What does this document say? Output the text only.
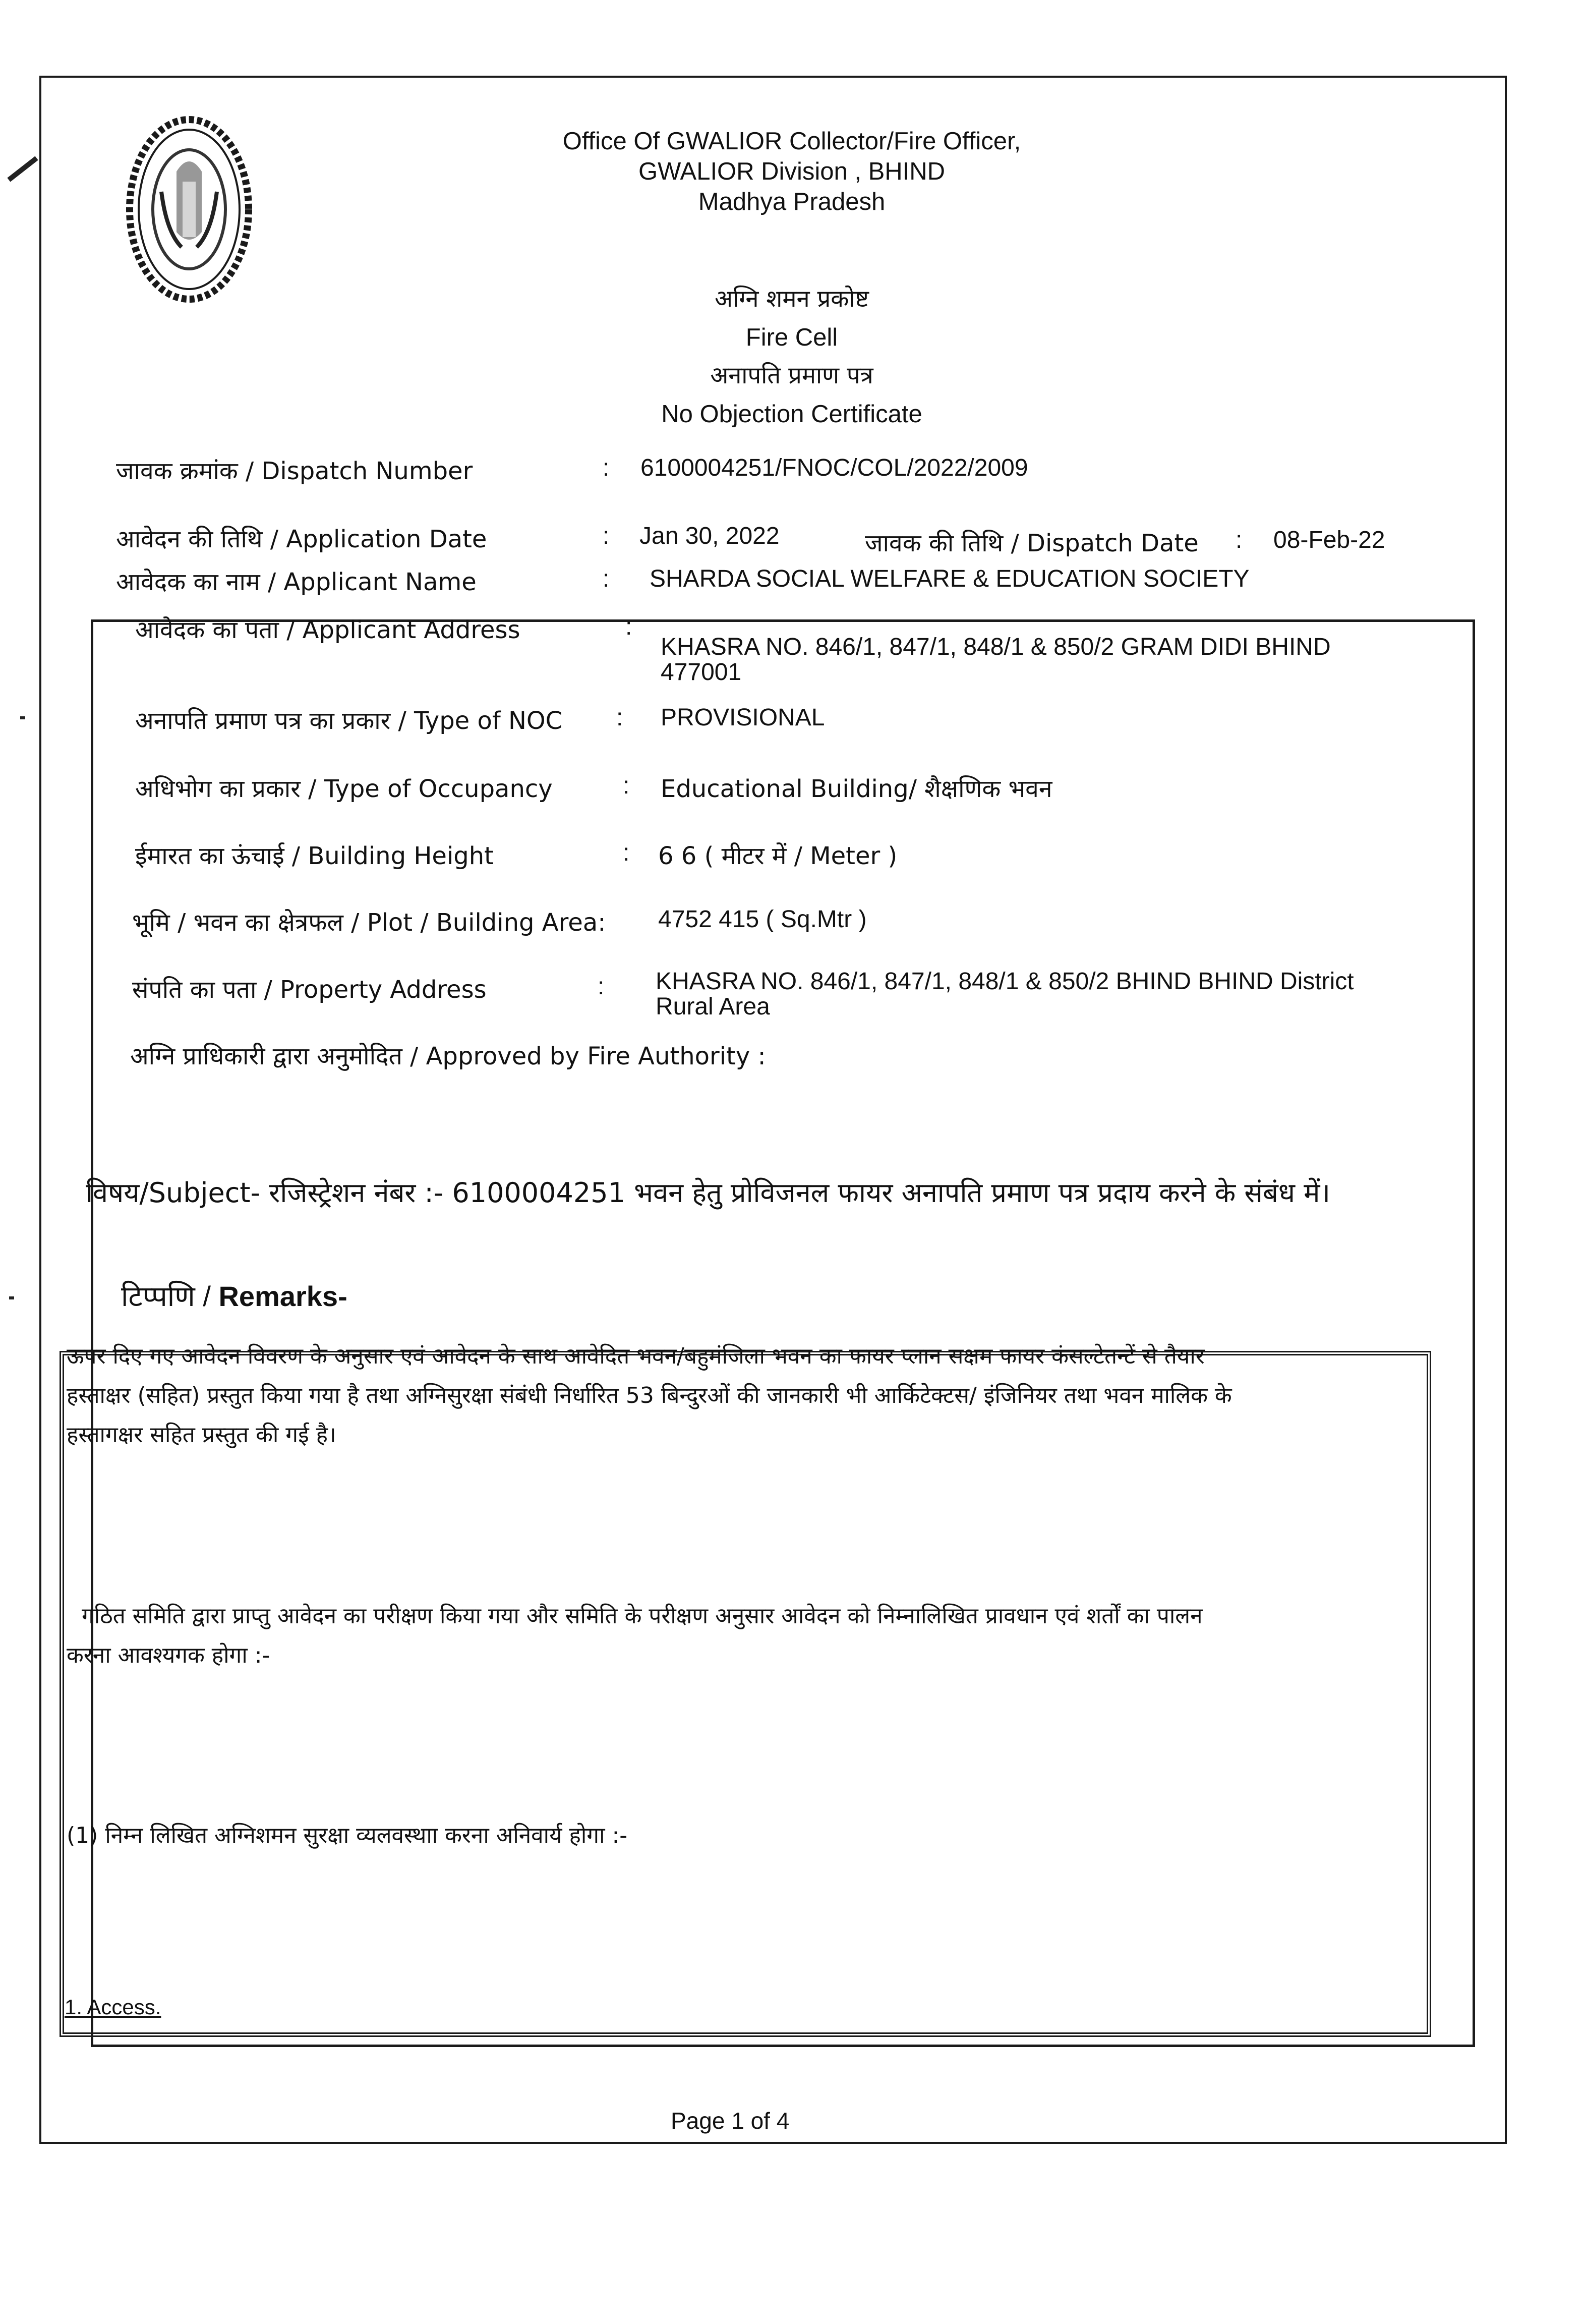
Office Of GWALIOR Collector/Fire Officer,
GWALIOR Division , BHIND
Madhya Pradesh
अग्नि शमन प्रकोष्ट
Fire Cell
अनापति प्रमाण पत्र
No Objection Certificate
जावक क्रमांक / Dispatch Number	: 6100004251/FNOC/COL/2022/2009
आवेदन की तिथि / Application Date	: Jan 30, 2022	जावक की तिथि / Dispatch Date : 08-Feb-22
आवेदक का नाम / Applicant Name	: SHARDA SOCIAL WELFARE & EDUCATION SOCIETY
आवेदक का पता / Applicant Address	:
KHASRA NO. 846/1, 847/1, 848/1 & 850/2 GRAM DIDI BHIND
477001
अनापति प्रमाण पत्र का प्रकार / Type of NOC : PROVISIONAL
अधिभोग का प्रकार / Type of Occupancy	: Educational Building/ शैक्षणिक भवन
ईमारत का ऊंचाई / Building Height	: 6 6 ( मीटर में / Meter )
भूमि / भवन का क्षेत्रफल / Plot / Building Area: 4752 415 ( Sq.Mtr )
संपति का पता / Property Address	: KHASRA NO. 846/1, 847/1, 848/1 & 850/2 BHIND BHIND District
Rural Area
अग्नि प्राधिकारी द्वारा अनुमोदित / Approved by Fire Authority :
विषय/Subject- रजिस्ट्रेशन नंबर :- 6100004251 भवन हेतु प्रोविजनल फायर अनापति प्रमाण पत्र प्रदाय करने के संबंध में।
टिप्पणि / Remarks-
ऊपर दिए गए आवेदन विवरण के अनुसार एवं आवेदन के साथ आवेदित भवन/बहुमंजिला भवन का फायर प्लान सक्षम फायर कंसल्टेतन्टें से तैयार
हस्ताक्षर (सहित) प्रस्तुत किया गया है तथा अग्निसुरक्षा संबंधी निर्धारित 53 बिन्दुरओं की जानकारी भी आर्किटेक्टस/ इंजिनियर तथा भवन मालिक के
हस्तागक्षर सहित प्रस्तुत की गई है।
गठित समिति द्वारा प्राप्तु आवेदन का परीक्षण किया गया और समिति के परीक्षण अनुसार आवेदन को निम्नालिखित प्रावधान एवं शर्तों का पालन
करना आवश्यगक होगा :-
(1) निम्न लिखित अग्निशमन सुरक्षा व्यलवस्थाा करना अनिवार्य होगा :-
1. Access.
Page 1 of 4
